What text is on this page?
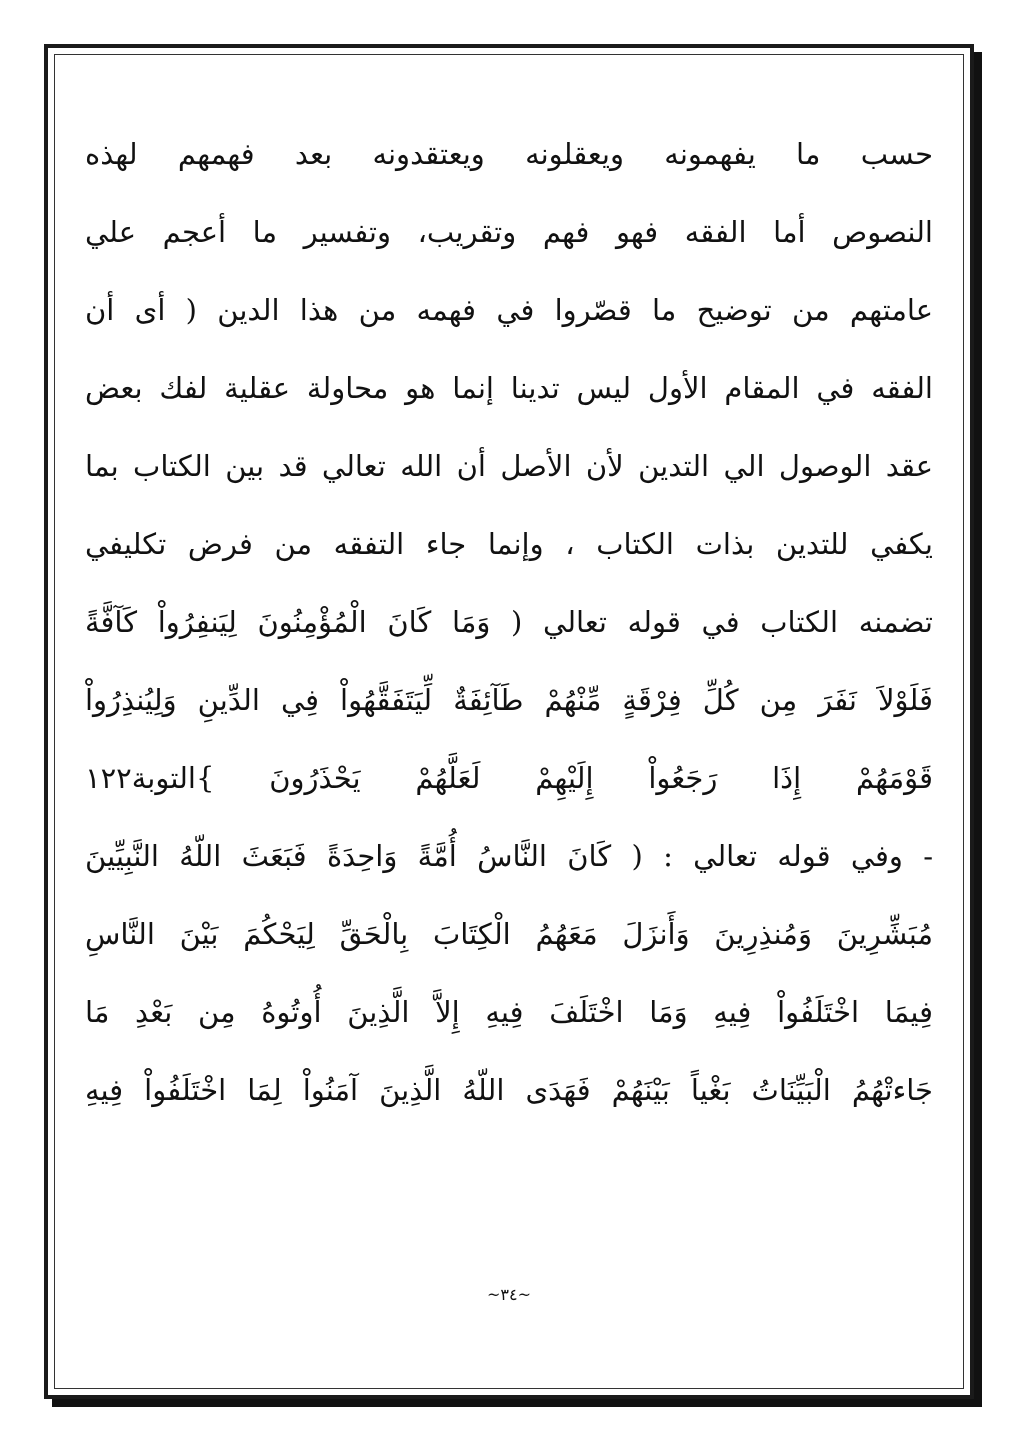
حسب ما يفهمونه ويعقلونه ويعتقدونه بعد فهمهم لهذه
النصوص أما الفقه فهو فهم وتقريب، وتفسير ما أعجم علي
عامتهم من توضيح ما قصّروا في فهمه من هذا الدين ( أى أن
الفقه في المقام الأول ليس تدينا إنما هو محاولة عقلية لفك بعض
عقد الوصول الي التدين لأن الأصل أن الله تعالي قد بين الكتاب بما
يكفي للتدين بذات الكتاب ، وإنما جاء التفقه من فرض تكليفي
تضمنه الكتاب في قوله تعالي ( وَمَا كَانَ الْمُؤْمِنُونَ لِيَنفِرُواْ كَآفَّةً
فَلَوْلاَ نَفَرَ مِن كُلِّ فِرْقَةٍ مِّنْهُمْ طَآئِفَةٌ لِّيَتَفَقَّهُواْ فِي الدِّينِ وَلِيُنذِرُواْ
قَوْمَهُمْ إِذَا رَجَعُواْ إِلَيْهِمْ لَعَلَّهُمْ يَحْذَرُونَ }التوبة١٢٢
- وفي قوله تعالي : ( كَانَ النَّاسُ أُمَّةً وَاحِدَةً فَبَعَثَ اللّهُ النَّبِيِّينَ
مُبَشِّرِينَ وَمُنذِرِينَ وَأَنزَلَ مَعَهُمُ الْكِتَابَ بِالْحَقِّ لِيَحْكُمَ بَيْنَ النَّاسِ
فِيمَا اخْتَلَفُواْ فِيهِ وَمَا اخْتَلَفَ فِيهِ إِلاَّ الَّذِينَ أُوتُوهُ مِن بَعْدِ مَا
جَاءتْهُمُ الْبَيِّنَاتُ بَغْياً بَيْنَهُمْ فَهَدَى اللّهُ الَّذِينَ آمَنُواْ لِمَا اخْتَلَفُواْ فِيهِ
~٣٤~
